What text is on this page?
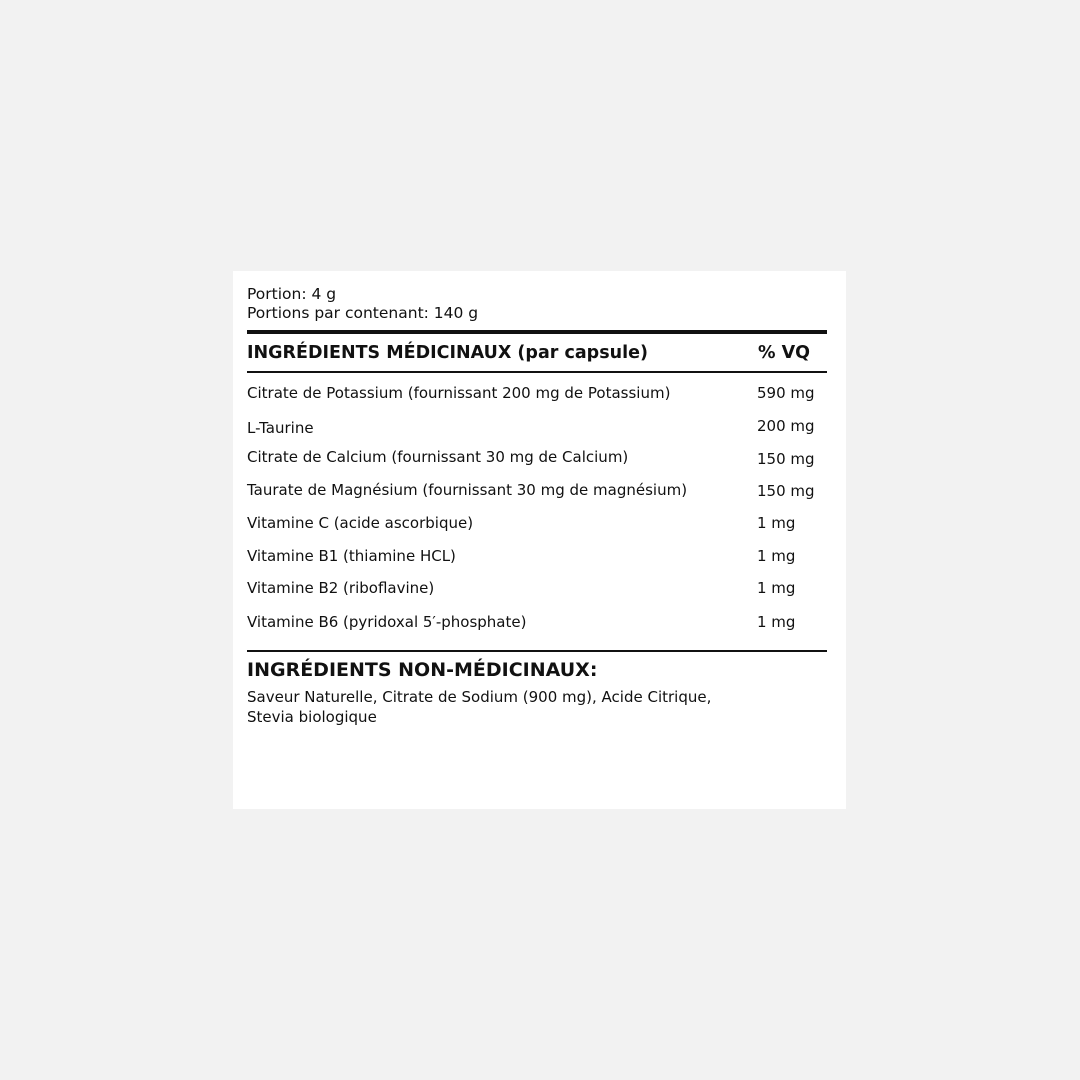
Portion: 4 g
Portions par contenant: 140 g
INGRÉDIENTS MÉDICINAUX (par capsule)	% VQ
Citrate de Potassium (fournissant 200 mg de Potassium)	590 mg
L-Taurine	200 mg
Citrate de Calcium (fournissant 30 mg de Calcium)	150 mg
Taurate de Magnésium (fournissant 30 mg de magnésium)	150 mg
Vitamine C (acide ascorbique)	1 mg
Vitamine B1 (thiamine HCL)	1 mg
Vitamine B2 (riboflavine)	1 mg
Vitamine B6 (pyridoxal 5′-phosphate)	1 mg
INGRÉDIENTS NON-MÉDICINAUX:
Saveur Naturelle, Citrate de Sodium (900 mg), Acide Citrique,
Stevia biologique
